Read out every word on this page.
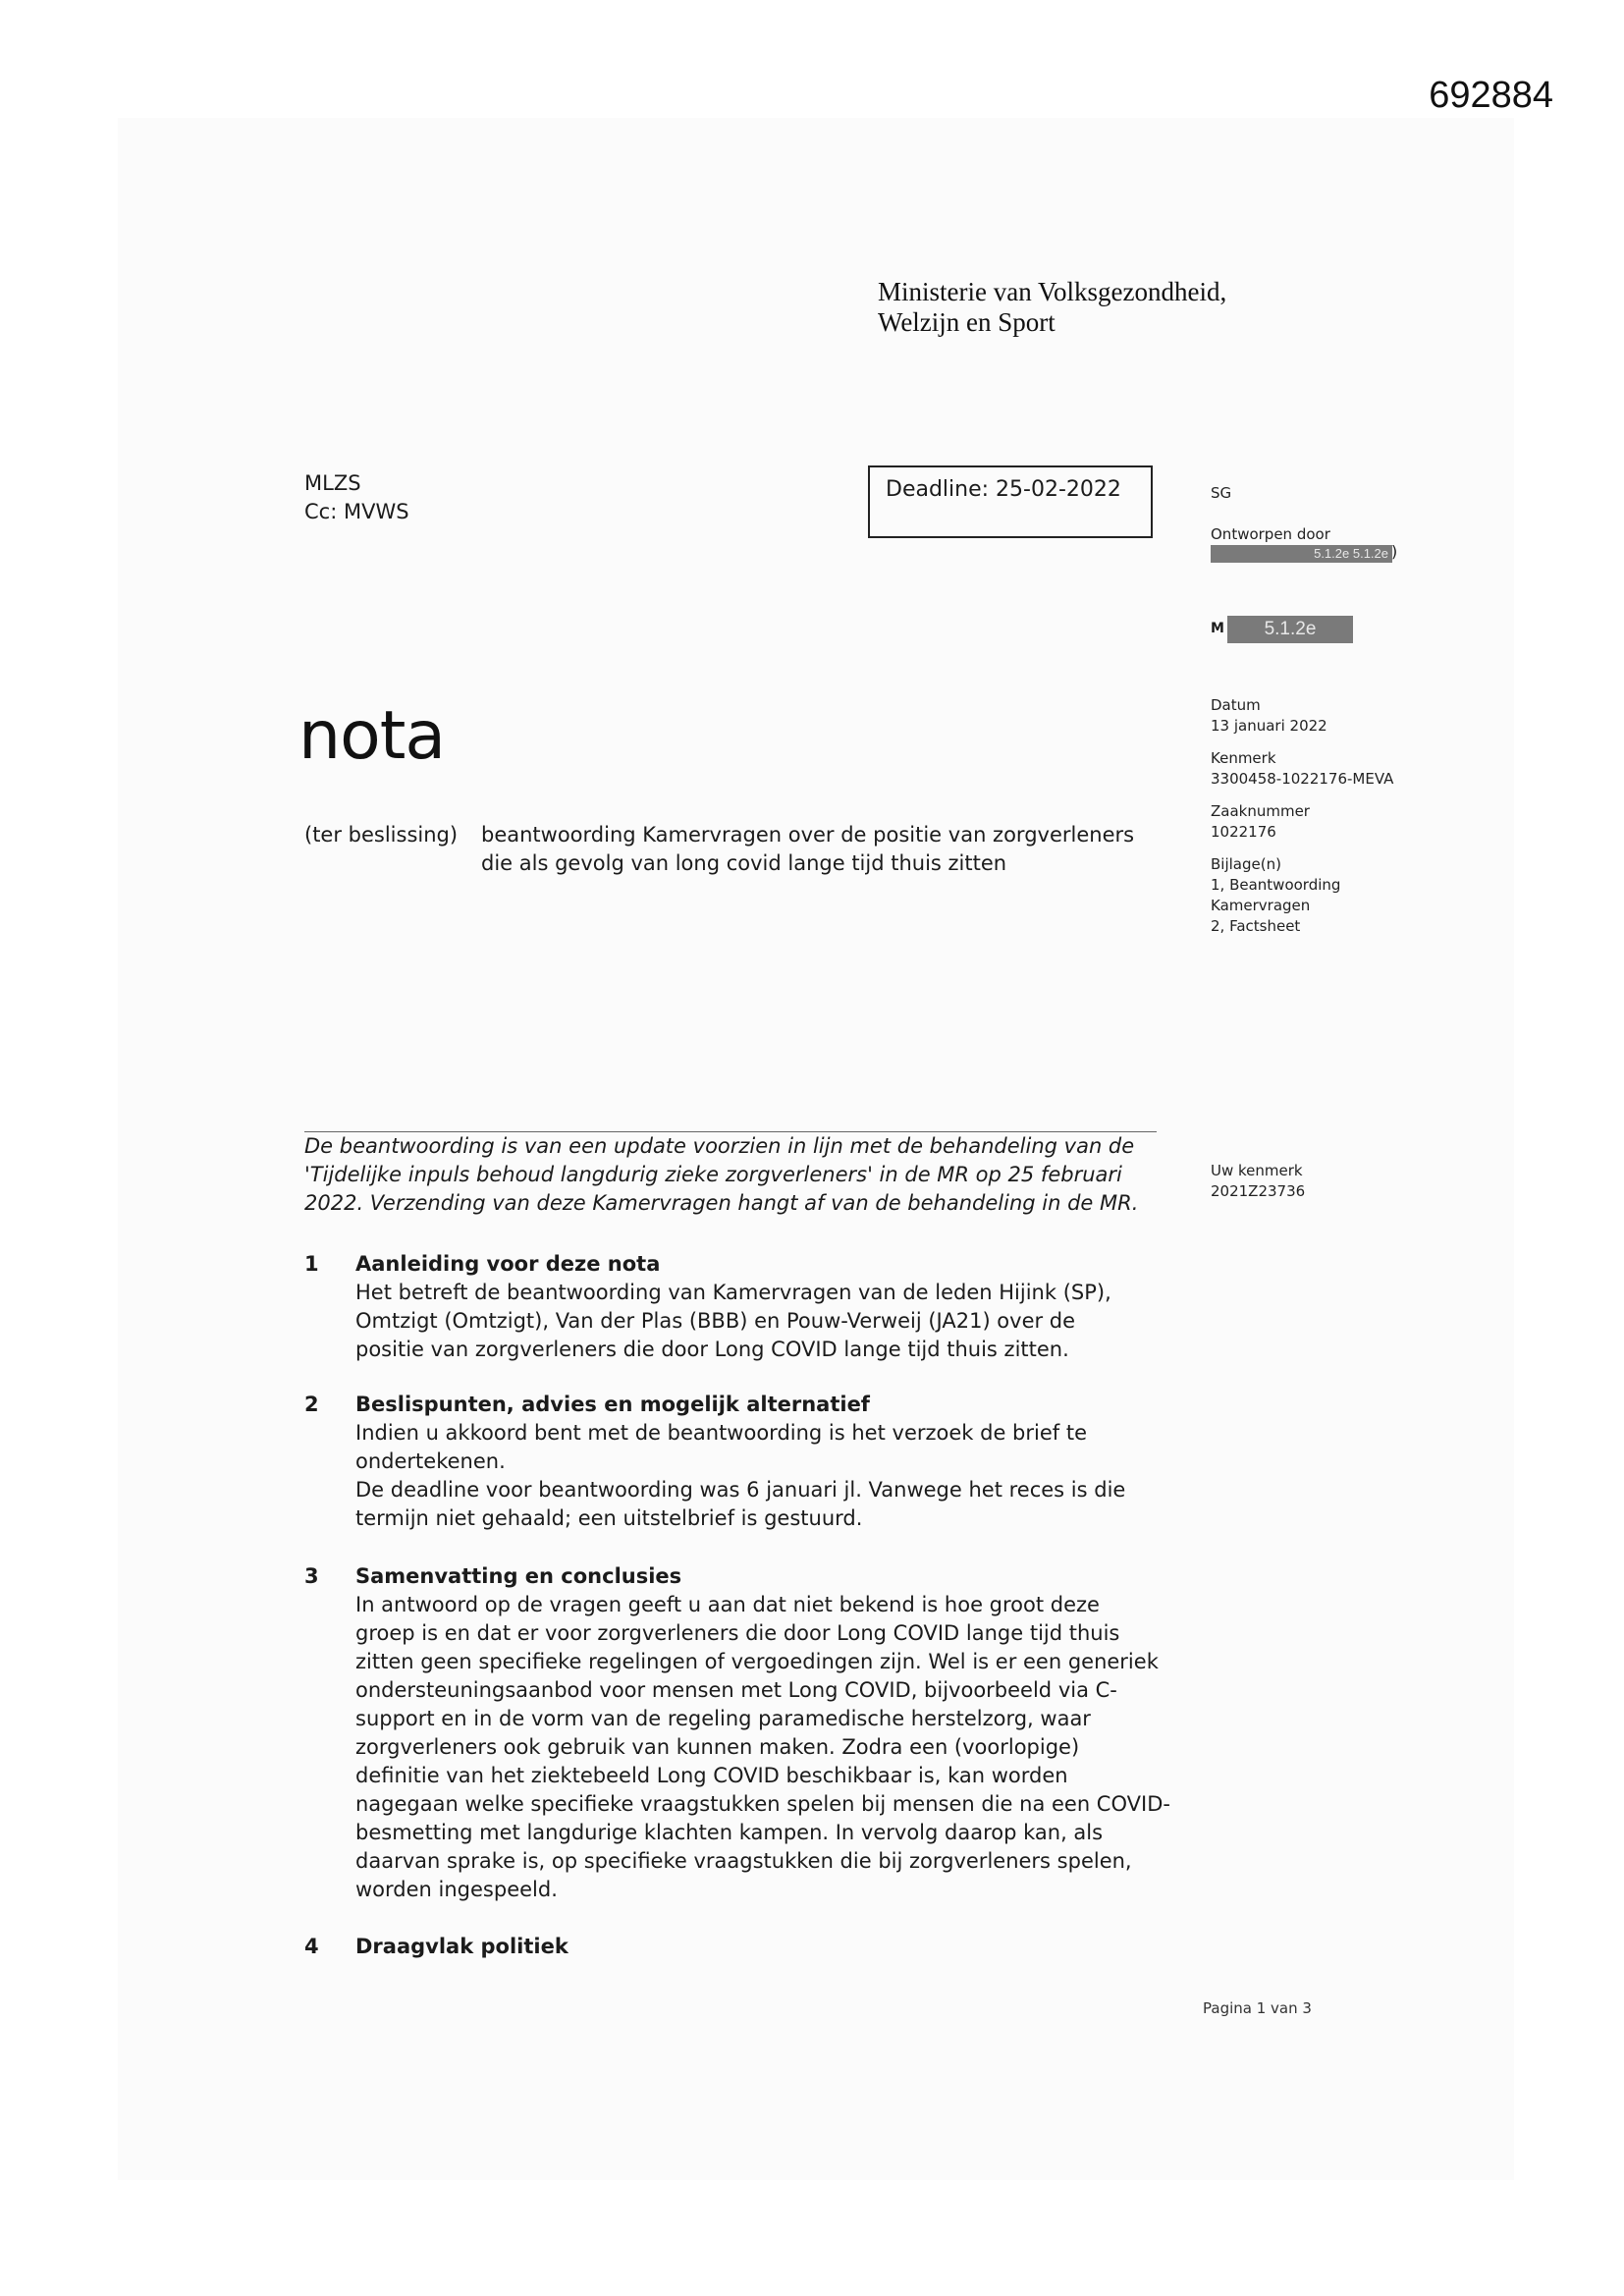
692884
Ministerie van Volksgezondheid,
Welzijn en Sport
MLZS
Cc: MVWS
Deadline: 25-02-2022	SG
Ontworpen door
5.1.2e 5.1.2e )
M	5.1.2e
Datum
13 januari 2022
Kenmerk
3300458-1022176-MEVA
Zaaknummer
1022176
Bijlage(n)
1, Beantwoording
Kamervragen
2, Factsheet
Uw kenmerk
2021Z23736
nota
(ter beslissing) beantwoording Kamervragen over de positie van zorgverleners
die als gevolg van long covid lange tijd thuis zitten
De beantwoording is van een update voorzien in lijn met de behandeling van de
'Tijdelijke inpuls behoud langdurig zieke zorgverleners' in de MR op 25 februari
2022. Verzending van deze Kamervragen hangt af van de behandeling in de MR.
1 Aanleiding voor deze nota
Het betreft de beantwoording van Kamervragen van de leden Hijink (SP),
Omtzigt (Omtzigt), Van der Plas (BBB) en Pouw-Verweij (JA21) over de
positie van zorgverleners die door Long COVID lange tijd thuis zitten.
2 Beslispunten, advies en mogelijk alternatief
Indien u akkoord bent met de beantwoording is het verzoek de brief te
ondertekenen.
De deadline voor beantwoording was 6 januari jl. Vanwege het reces is die
termijn niet gehaald; een uitstelbrief is gestuurd.
3 Samenvatting en conclusies
In antwoord op de vragen geeft u aan dat niet bekend is hoe groot deze
groep is en dat er voor zorgverleners die door Long COVID lange tijd thuis
zitten geen specifieke regelingen of vergoedingen zijn. Wel is er een generiek
ondersteuningsaanbod voor mensen met Long COVID, bijvoorbeeld via C-
support en in de vorm van de regeling paramedische herstelzorg, waar
zorgverleners ook gebruik van kunnen maken. Zodra een (voorlopige)
definitie van het ziektebeeld Long COVID beschikbaar is, kan worden
nagegaan welke specifieke vraagstukken spelen bij mensen die na een COVID-
besmetting met langdurige klachten kampen. In vervolg daarop kan, als
daarvan sprake is, op specifieke vraagstukken die bij zorgverleners spelen,
worden ingespeeld.
4 Draagvlak politiek
Pagina 1 van 3
